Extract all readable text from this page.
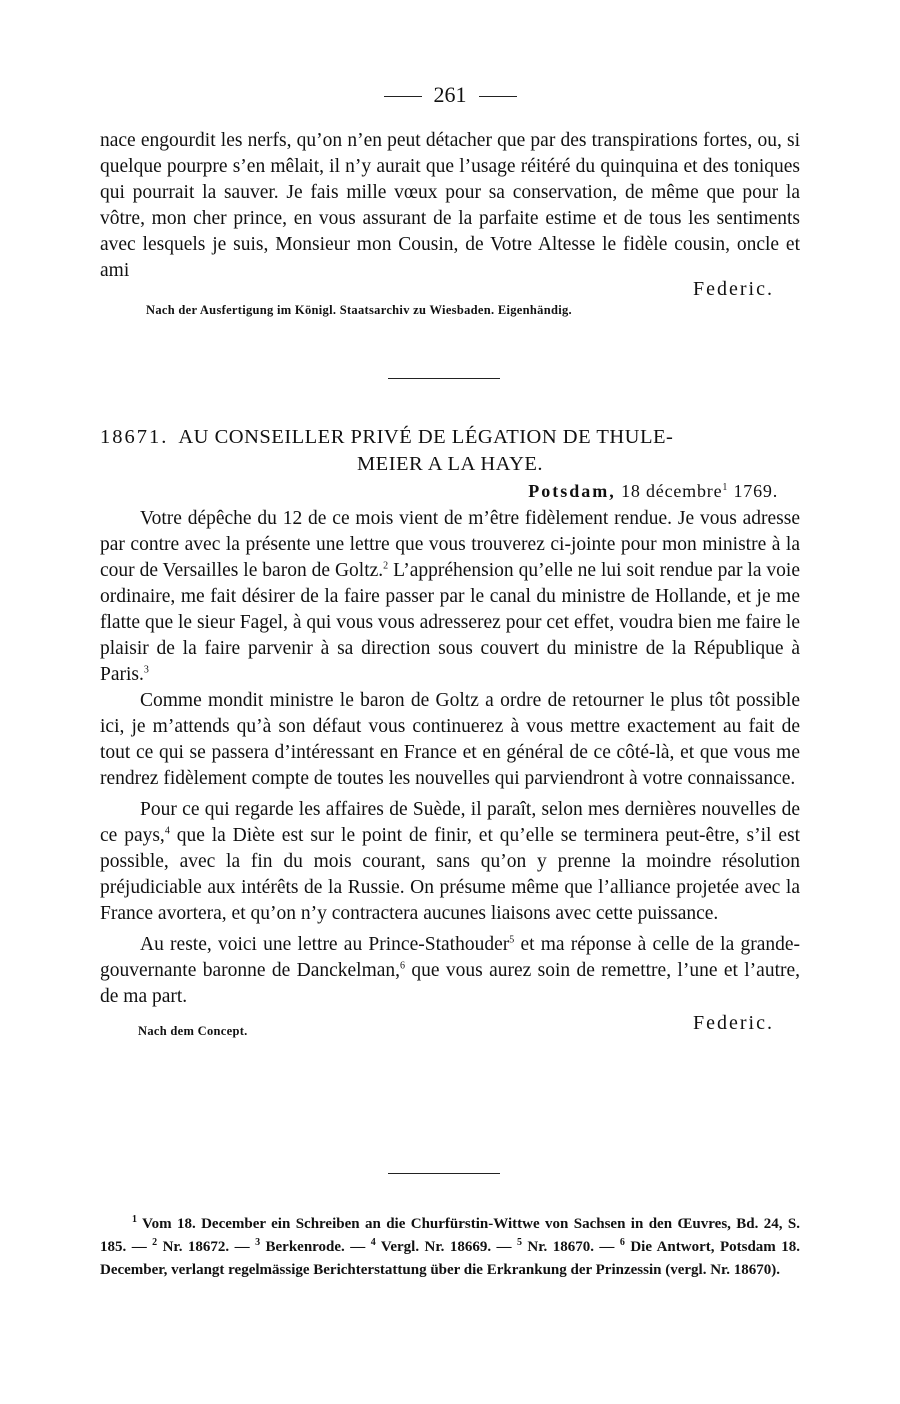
261

nace engourdit les nerfs, qu’on n’en peut détacher que par des transpirations fortes, ou, si quelque pourpre s’en mêlait, il n’y aurait que l’usage réitéré du quinquina et des toniques qui pourrait la sauver. Je fais mille vœux pour sa conservation, de même que pour la vôtre, mon cher prince, en vous assurant de la parfaite estime et de tous les sentiments avec lesquels je suis, Monsieur mon Cousin, de Votre Altesse le fidèle cousin, oncle et ami

Federic.
Nach der Ausfertigung im Königl. Staatsarchiv zu Wiesbaden. Eigenhändig.
18671. AU CONSEILLER PRIVÉ DE LÉGATION DE THULE-
MEIER A LA HAYE.
Potsdam, 18 décembre$^1$ 1769.

Votre dépêche du 12 de ce mois vient de m’être fidèlement rendue. Je vous adresse par contre avec la présente une lettre que vous trouverez ci-jointe pour mon ministre à la cour de Versailles le baron de Goltz.$^2$ L’appréhension qu’elle ne lui soit rendue par la voie ordinaire, me fait désirer de la faire passer par le canal du ministre de Hollande, et je me flatte que le sieur Fagel, à qui vous vous adresserez pour cet effet, voudra bien me faire le plaisir de la faire parvenir à sa direction sous couvert du ministre de la République à Paris.$^3$

Comme mondit ministre le baron de Goltz a ordre de retourner le plus tôt possible ici, je m’attends qu’à son défaut vous continuerez à vous mettre exactement au fait de tout ce qui se passera d’intéressant en France et en général de ce côté-là, et que vous me rendrez fidèlement compte de toutes les nouvelles qui parviendront à votre connaissance.

Pour ce qui regarde les affaires de Suède, il paraît, selon mes dernières nouvelles de ce pays,$^4$ que la Diète est sur le point de finir, et qu’elle se terminera peut-être, s’il est possible, avec la fin du mois courant, sans qu’on y prenne la moindre résolution préjudiciable aux intérêts de la Russie. On présume même que l’alliance projetée avec la France avortera, et qu’on n’y contractera aucunes liaisons avec cette puissance.

Au reste, voici une lettre au Prince-Stathouder$^5$ et ma réponse à celle de la grande-gouvernante baronne de Danckelman,$^6$ que vous aurez soin de remettre, l’une et l’autre, de ma part.

Nach dem Concept.	Federic.

$^1$ Vom 18. December ein Schreiben an die Churfürstin-Wittwe von Sachsen in den Œuvres, Bd. 24, S. 185. — $^2$ Nr. 18672. — $^3$ Berkenrode. — $^4$ Vergl. Nr. 18669. — $^5$ Nr. 18670. — $^6$ Die Antwort, Potsdam 18. December, verlangt regelmässige Berichterstattung über die Erkrankung der Prinzessin (vergl. Nr. 18670).
